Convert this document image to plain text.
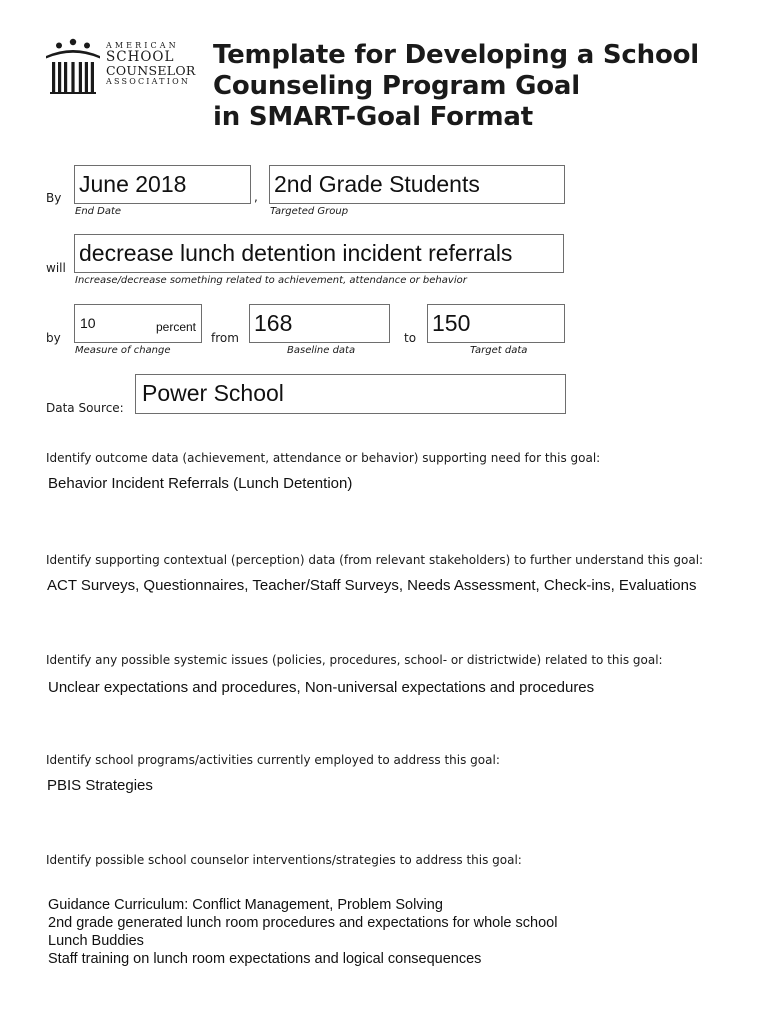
AMERICAN
SCHOOL
COUNSELOR
ASSOCIATION
Template for Developing a School
Counseling Program Goal
in SMART-Goal Format
By
June 2018
End Date
, 2nd Grade Students
Targeted Group
will
decrease lunch detention incident referrals
Increase/decrease something related to achievement, attendance or behavior
by
10	percent
Measure of change
from
168
Baseline data
to
150
Target data
Data Source:
Power School
Identify outcome data (achievement, attendance or behavior) supporting need for this goal:
Behavior Incident Referrals (Lunch Detention)
Identify supporting contextual (perception) data (from relevant stakeholders) to further understand this goal:
ACT Surveys, Questionnaires, Teacher/Staff Surveys, Needs Assessment, Check-ins, Evaluations
Identify any possible systemic issues (policies, procedures, school- or districtwide) related to this goal:
Unclear expectations and procedures, Non-universal expectations and procedures
Identify school programs/activities currently employed to address this goal:
PBIS Strategies
Identify possible school counselor interventions/strategies to address this goal:
Guidance Curriculum: Conflict Management, Problem Solving
2nd grade generated lunch room procedures and expectations for whole school
Lunch Buddies
Staff training on lunch room expectations and logical consequences
